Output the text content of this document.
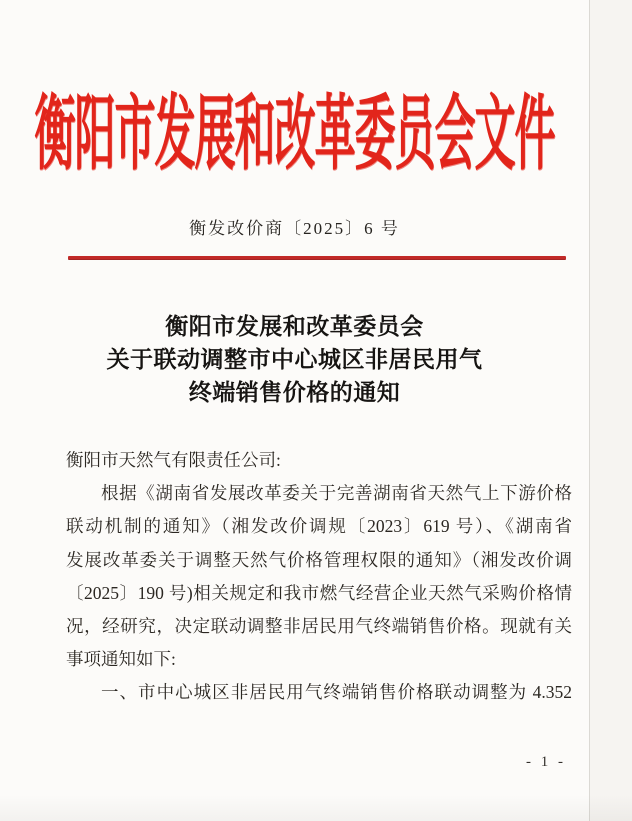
衡阳市发展和改革委员会文件
衡发改价商〔2025〕6 号
衡阳市发展和改革委员会
关于联动调整市中心城区非居民用气
终端销售价格的通知
衡阳市天然气有限责任公司:
根据《湖南省发展改革委关于完善湖南省天然气上下游价格
联动机制的通知》（湘发改价调规〔2023〕619 号）、《湖南省
发展改革委关于调整天然气价格管理权限的通知》（湘发改价调
〔2025〕190 号)相关规定和我市燃气经营企业天然气采购价格情
况，经研究，决定联动调整非居民用气终端销售价格。现就有关
事项通知如下:
一、市中心城区非居民用气终端销售价格联动调整为 4.352
- 1 -
